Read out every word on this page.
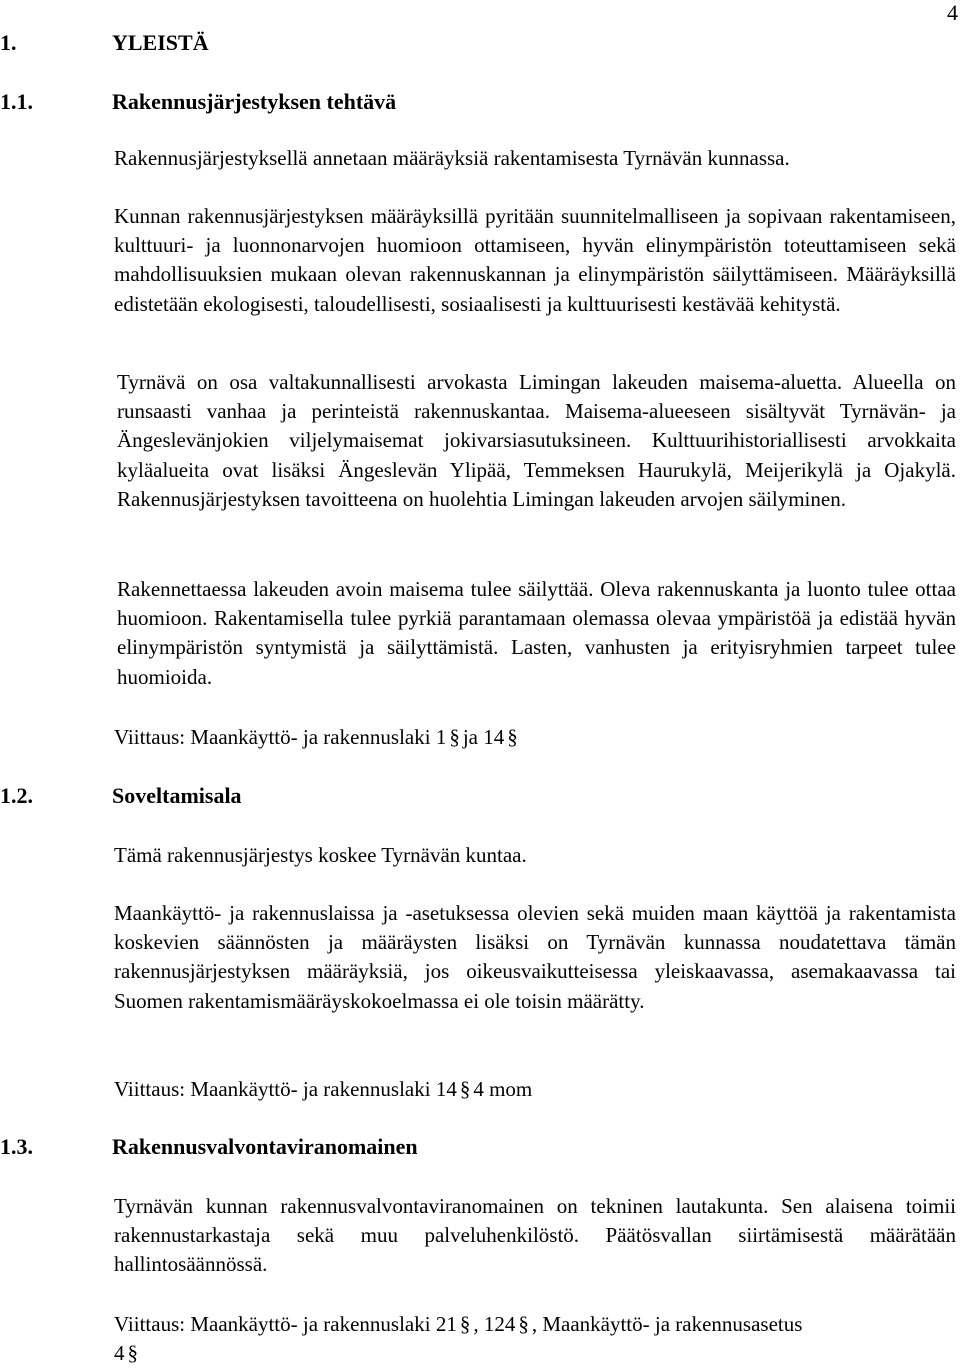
4
1.	YLEISTÄ
1.1.	Rakennusjärjestyksen tehtävä
Rakennusjärjestyksellä annetaan määräyksiä rakentamisesta Tyrnävän kunnassa.
Kunnan rakennusjärjestyksen määräyksillä pyritään suunnitelmalliseen ja sopivaan rakentamiseen, kulttuuri- ja luonnonarvojen huomioon ottamiseen, hyvän elinympäristön toteuttamiseen sekä mahdollisuuksien mukaan olevan rakennuskannan ja elinympäristön säilyttämiseen. Määräyksillä edistetään ekologisesti, taloudellisesti, sosiaalisesti ja kulttuurisesti kestävää kehitystä.
Tyrnävä on osa valtakunnallisesti arvokasta Limingan lakeuden maisema-aluetta. Alueella on runsaasti vanhaa ja perinteistä rakennuskantaa. Maisema-alueeseen sisältyvät Tyrnävän- ja Ängeslevänjokien viljelymaisemat jokivarsiasutuksineen. Kulttuurihistoriallisesti arvokkaita kyläalueita ovat lisäksi Ängeslevän Ylipää, Temmeksen Haurukylä, Meijerikylä ja Ojakylä. Rakennusjärjestyksen tavoitteena on huolehtia Limingan lakeuden arvojen säilyminen.
Rakennettaessa lakeuden avoin maisema tulee säilyttää. Oleva rakennuskanta ja luonto tulee ottaa huomioon. Rakentamisella tulee pyrkiä parantamaan olemassa olevaa ympäristöä ja edistää hyvän elinympäristön syntymistä ja säilyttämistä. Lasten, vanhusten ja erityisryhmien tarpeet tulee huomioida.
Viittaus: Maankäyttö- ja rakennuslaki 1 § ja 14 §
1.2.	Soveltamisala
Tämä rakennusjärjestys koskee Tyrnävän kuntaa.
Maankäyttö- ja rakennuslaissa ja -asetuksessa olevien sekä muiden maan käyttöä ja rakentamista koskevien säännösten ja määräysten lisäksi on Tyrnävän kunnassa noudatettava tämän rakennusjärjestyksen määräyksiä, jos oikeusvaikutteisessa yleiskaavassa, asemakaavassa tai Suomen rakentamismääräyskokoelmassa ei ole toisin määrätty.
Viittaus: Maankäyttö- ja rakennuslaki 14 § 4 mom
1.3.	Rakennusvalvontaviranomainen
Tyrnävän kunnan rakennusvalvontaviranomainen on tekninen lautakunta. Sen alaisena toimii rakennustarkastaja sekä muu palveluhenkilöstö. Päätösvallan siirtämisestä määrätään hallintosäännössä.
Viittaus: Maankäyttö- ja rakennuslaki 21 § , 124 § , Maankäyttö- ja rakennusasetus
4 §
